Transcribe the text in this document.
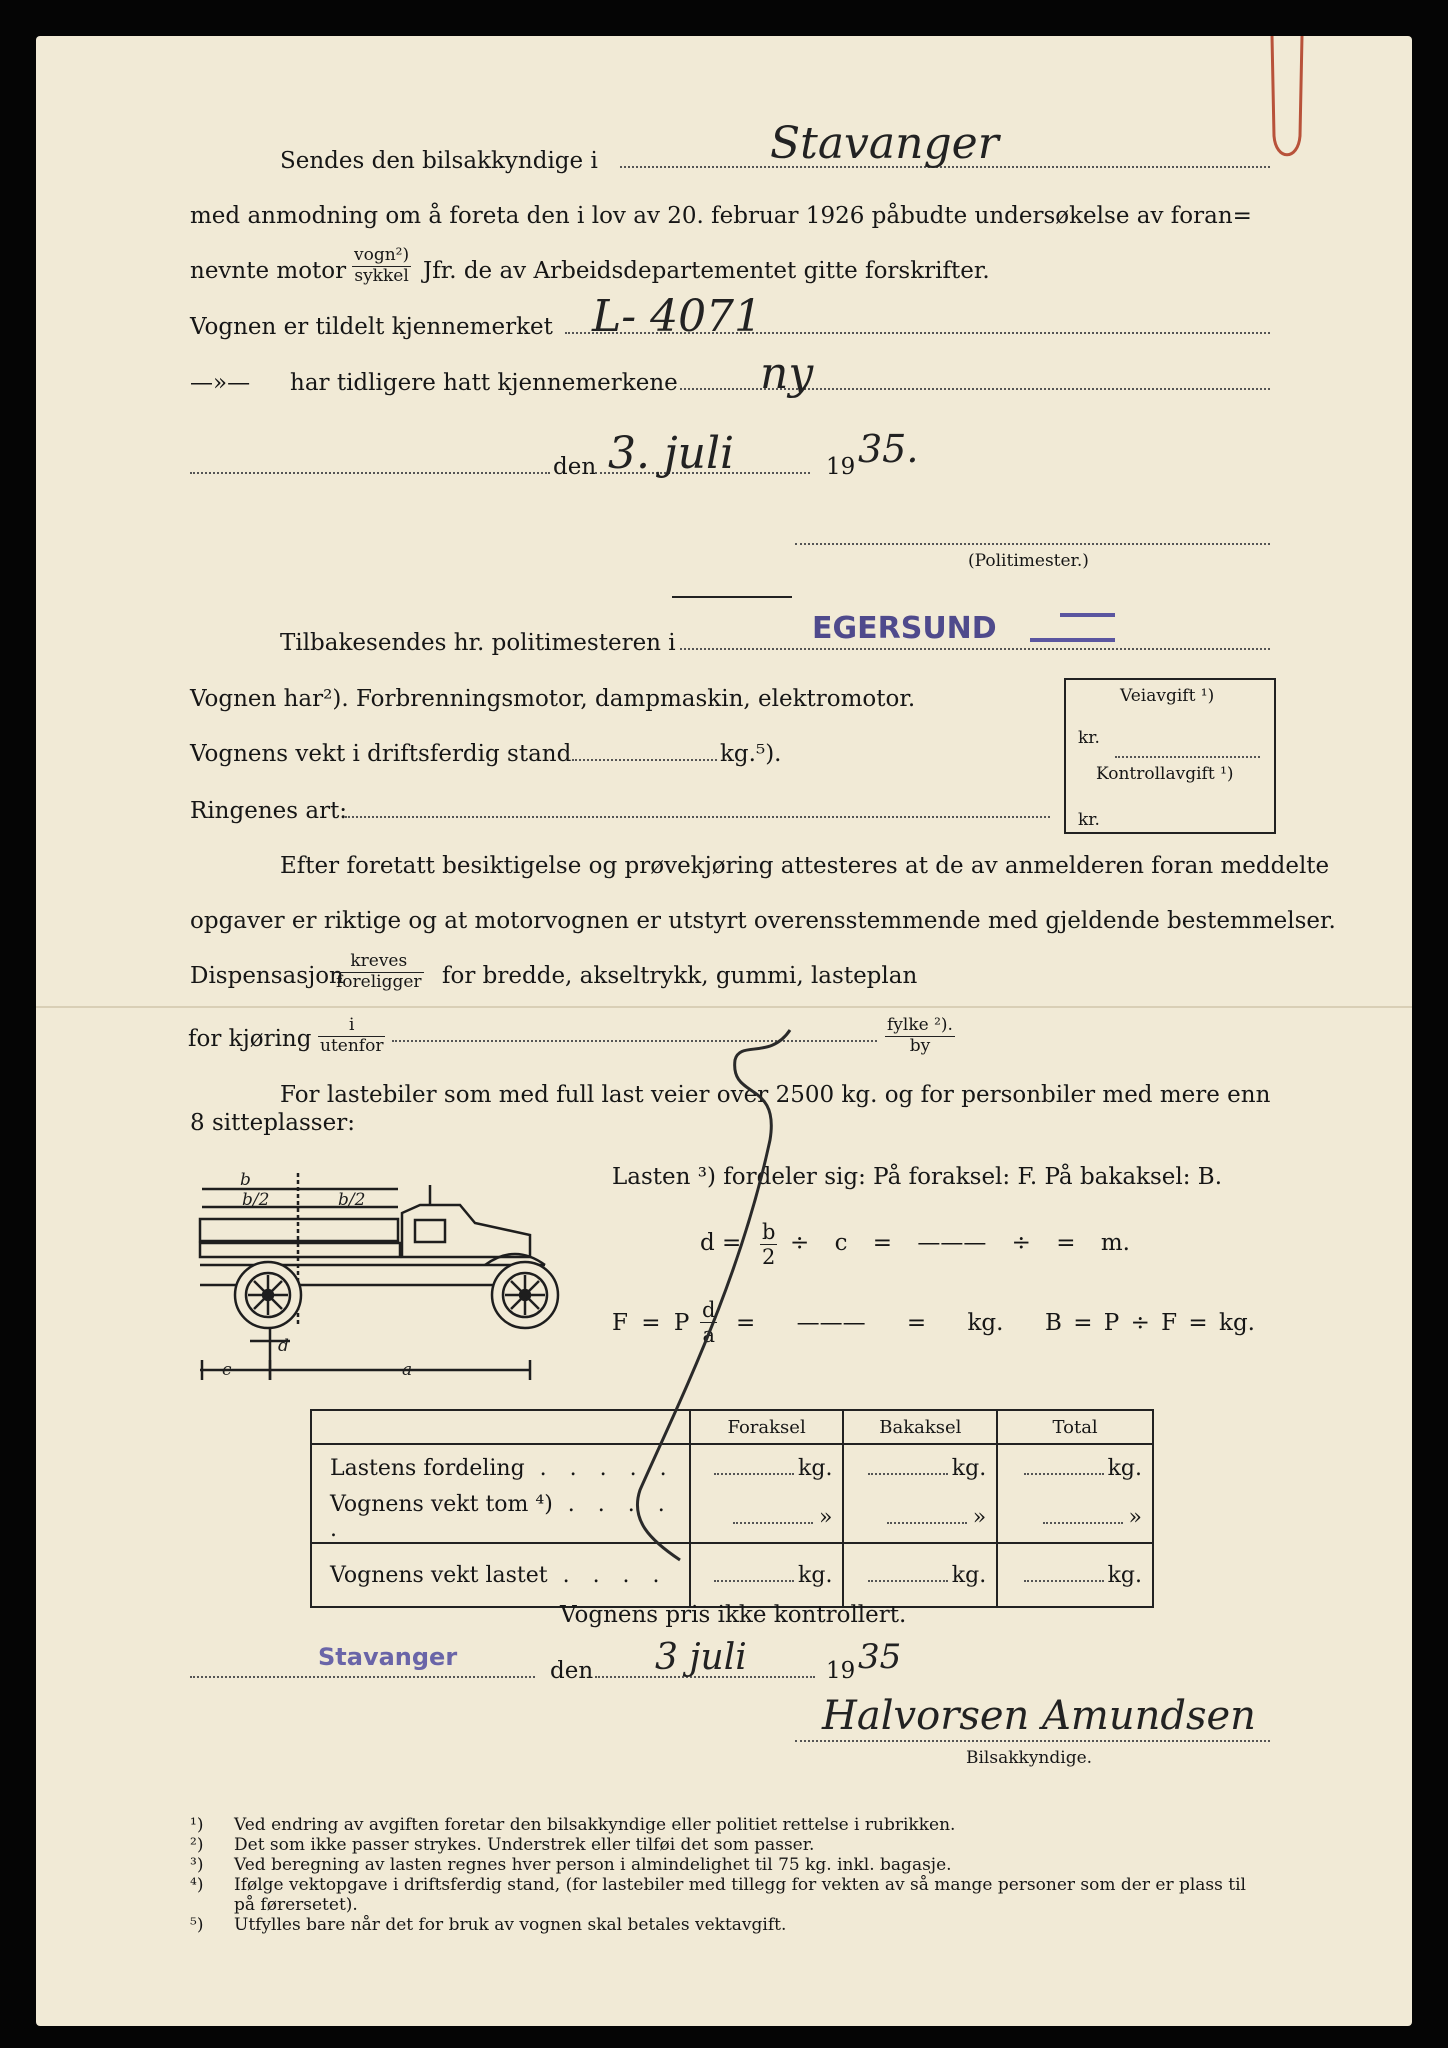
Sendes den bilsakkyndige i	Stavanger
med anmodning om å foreta den i lov av 20. februar 1926 påbudte undersøkelse av foran=
nevnte motor
vogn²)
sykkel Jfr. de av Arbeidsdepartementet gitte forskrifter.
Vognen er tildelt kjennemerket L- 4071
—»— har tidligere hatt kjennemerkene ny
den 3. juli	19 35.
(Politimester.)
Tilbakesendes hr. politimesteren i	EGERSUND
Vognen har²). Forbrenningsmotor, dampmaskin, elektromotor.
Vognens vekt i driftsferdig stand	kg.⁵).
Ringenes art:
Veiavgift ¹)
kr.
Kontrollavgift ¹)
kr.
Efter foretatt besiktigelse og prøvekjøring attesteres at de av anmelderen foran meddelte
opgaver er riktige og at motorvognen er utstyrt overensstemmende med gjeldende bestemmelser.
Dispensasjon
kreves
foreligger for bredde, akseltrykk, gummi, lasteplan
for kjøring
i
utenfor
fylke ²).
by
For lastebiler som med full last veier over 2500 kg. og for personbiler med mere enn
8 sitteplasser:
b
b/2	b/2
d
c	a
Lasten ³) fordeler sig: På foraksel: F. På bakaksel: B.
$d = \frac{b}{2} \div c$ = ——— ÷ = m.
F = P $\frac{d}{a}$ = ——— = kg. B = P ÷ F = kg.
	Foraksel	Bakaksel	Total
Lastens fordeling . . . . .	kg.	kg.	kg.
Vognens vekt tom ⁴) . . . . .	»	»	»
Vognens vekt lastet . . . .	kg.	kg.	kg.
Vognens pris ikke kontrollert.
Stavanger	den 3 juli	19 35
Halvorsen Amundsen
Bilsakkyndige.
¹) Ved endring av avgiften foretar den bilsakkyndige eller politiet rettelse i rubrikken.
²) Det som ikke passer strykes. Understrek eller tilføi det som passer.
³) Ved beregning av lasten regnes hver person i almindelighet til 75 kg. inkl. bagasje.
⁴) Ifølge vektopgave i driftsferdig stand, (for lastebiler med tillegg for vekten av så mange personer som der er plass til
på førersetet).
⁵) Utfylles bare når det for bruk av vognen skal betales vektavgift.
